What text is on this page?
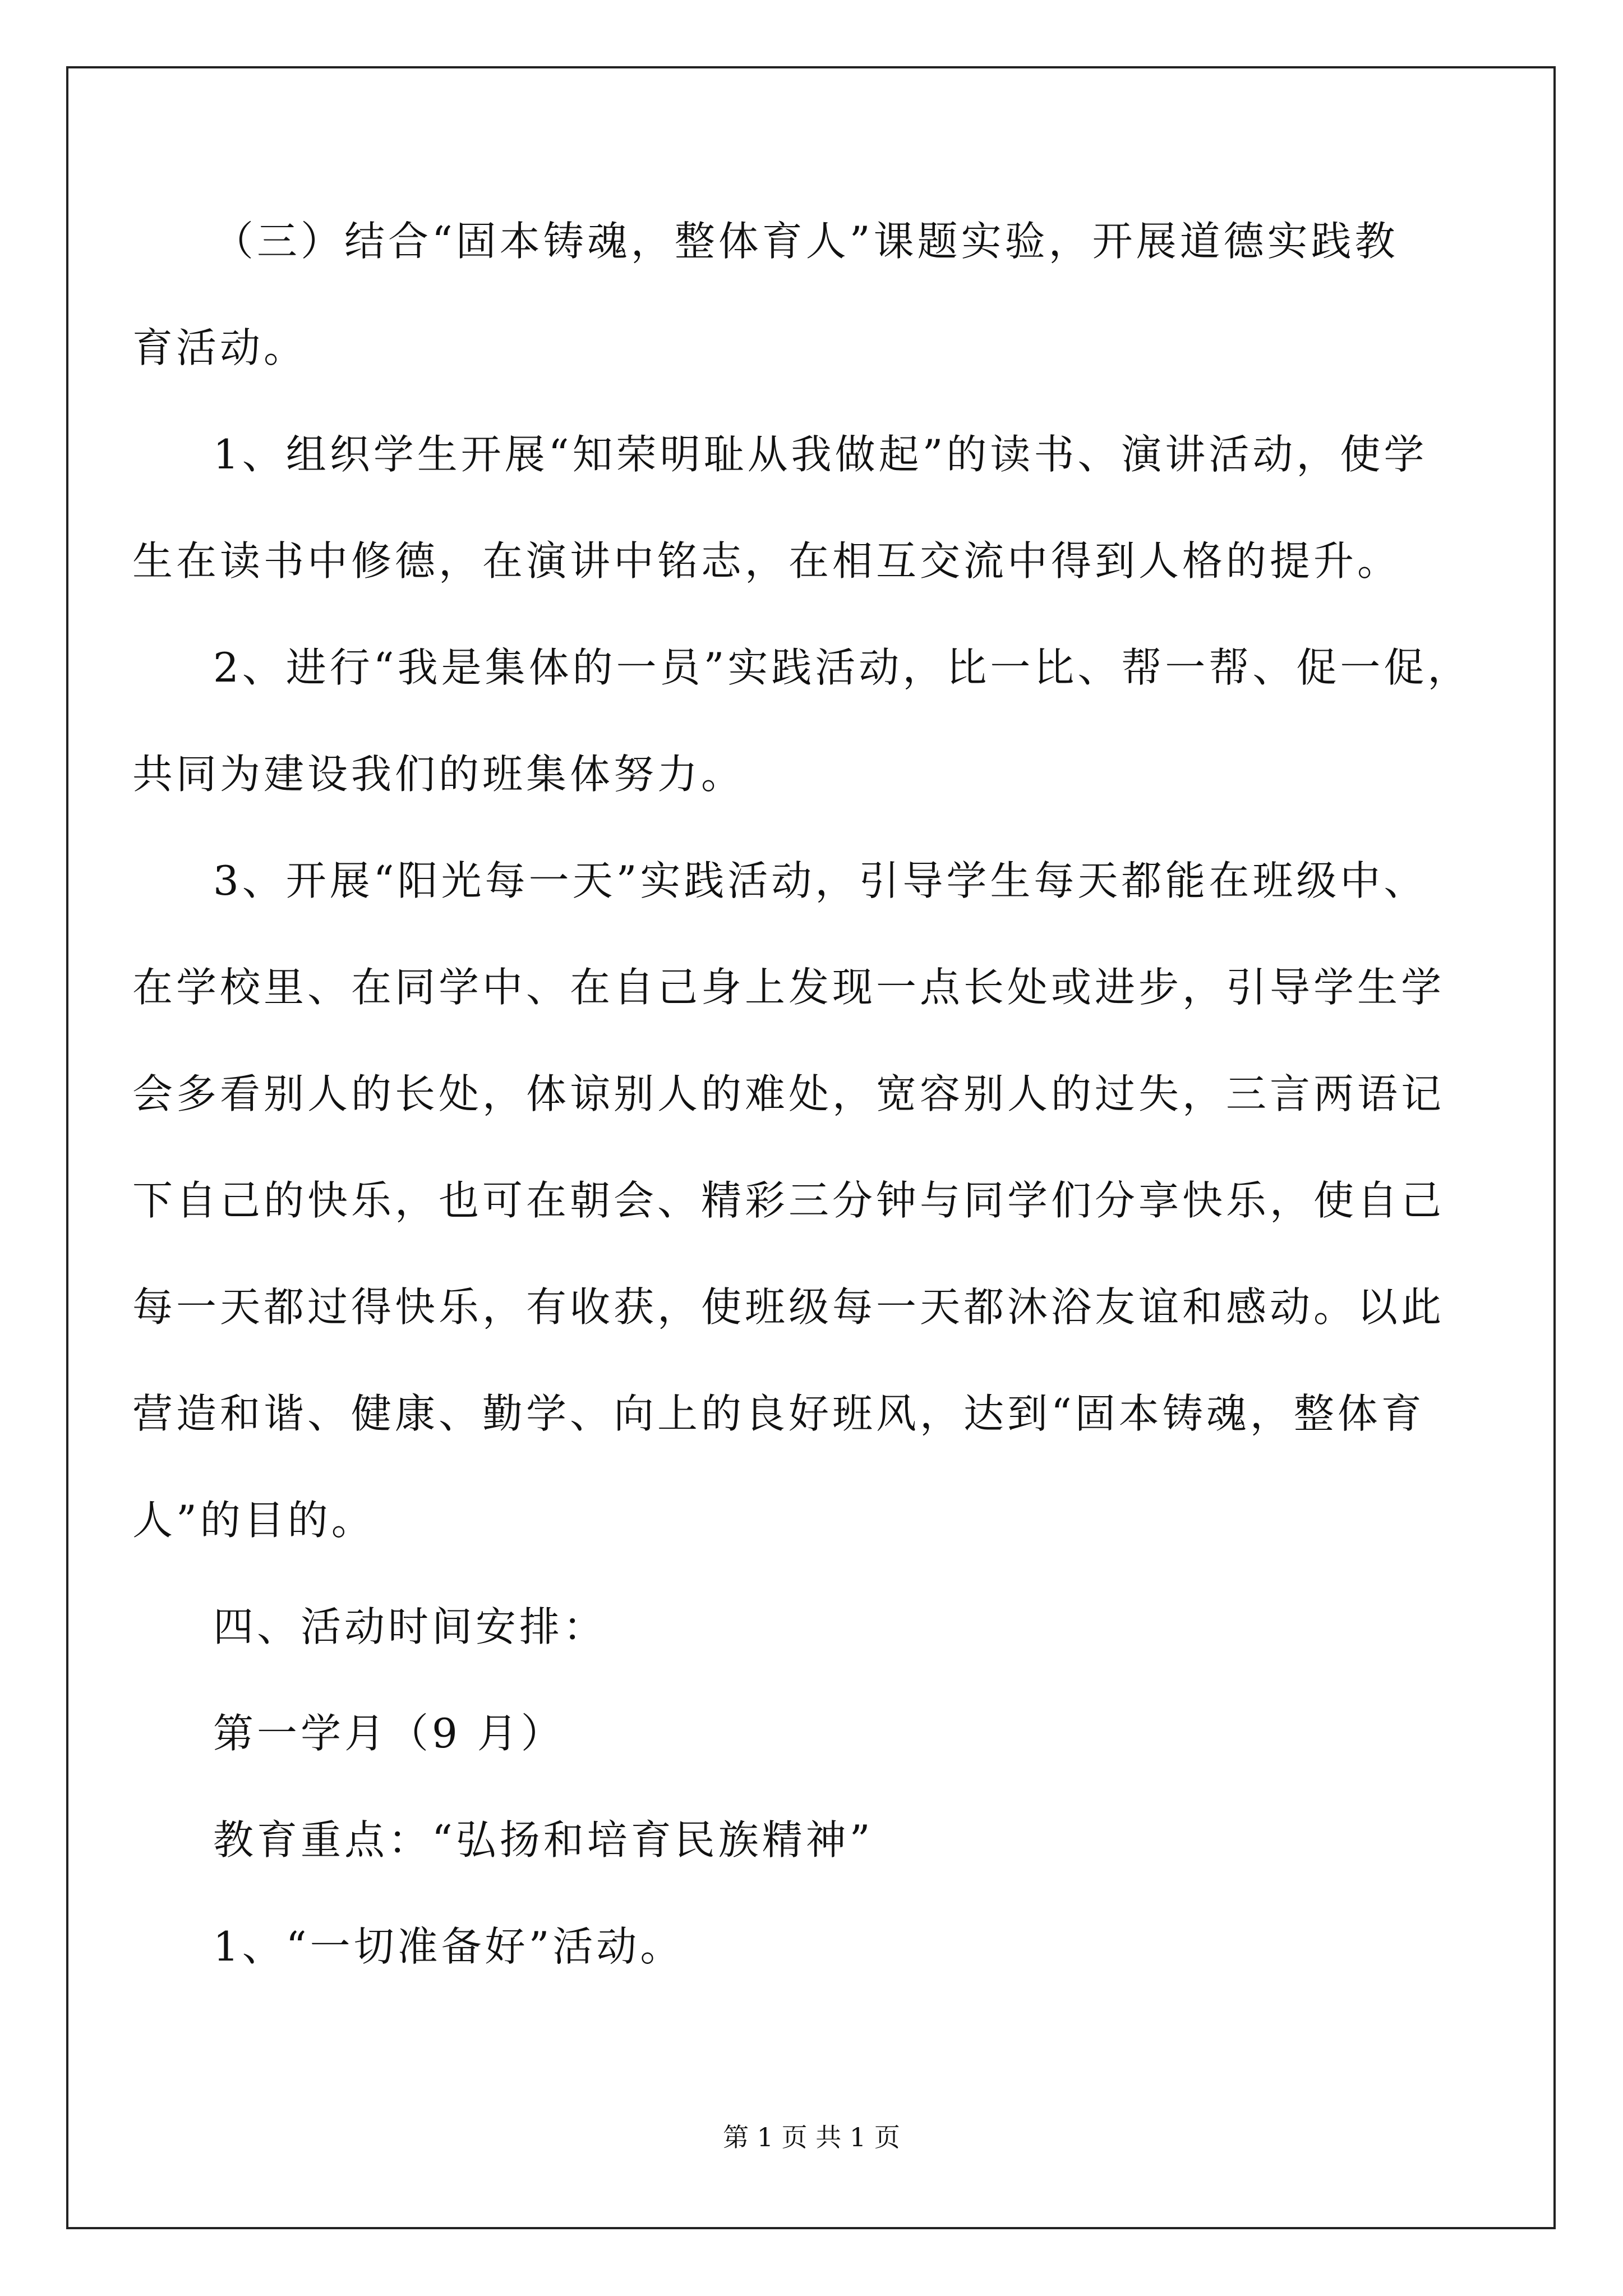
（三）结合“固本铸魂，整体育人”课题实验，开展道德实践教
育活动。
1、组织学生开展“知荣明耻从我做起”的读书、演讲活动，使学
生在读书中修德，在演讲中铭志，在相互交流中得到人格的提升。
2、进行“我是集体的一员”实践活动，比一比、帮一帮、促一促，
共同为建设我们的班集体努力。
3、开展“阳光每一天”实践活动，引导学生每天都能在班级中、
在学校里、在同学中、在自己身上发现一点长处或进步，引导学生学
会多看别人的长处，体谅别人的难处，宽容别人的过失，三言两语记
下自己的快乐，也可在朝会、精彩三分钟与同学们分享快乐，使自己
每一天都过得快乐，有收获，使班级每一天都沐浴友谊和感动。以此
营造和谐、健康、勤学、向上的良好班风，达到“固本铸魂，整体育
人”的目的。
四、活动时间安排：
第一学月（9 月）
教育重点：“弘扬和培育民族精神”
1、“一切准备好”活动。
第 1 页 共 1 页
